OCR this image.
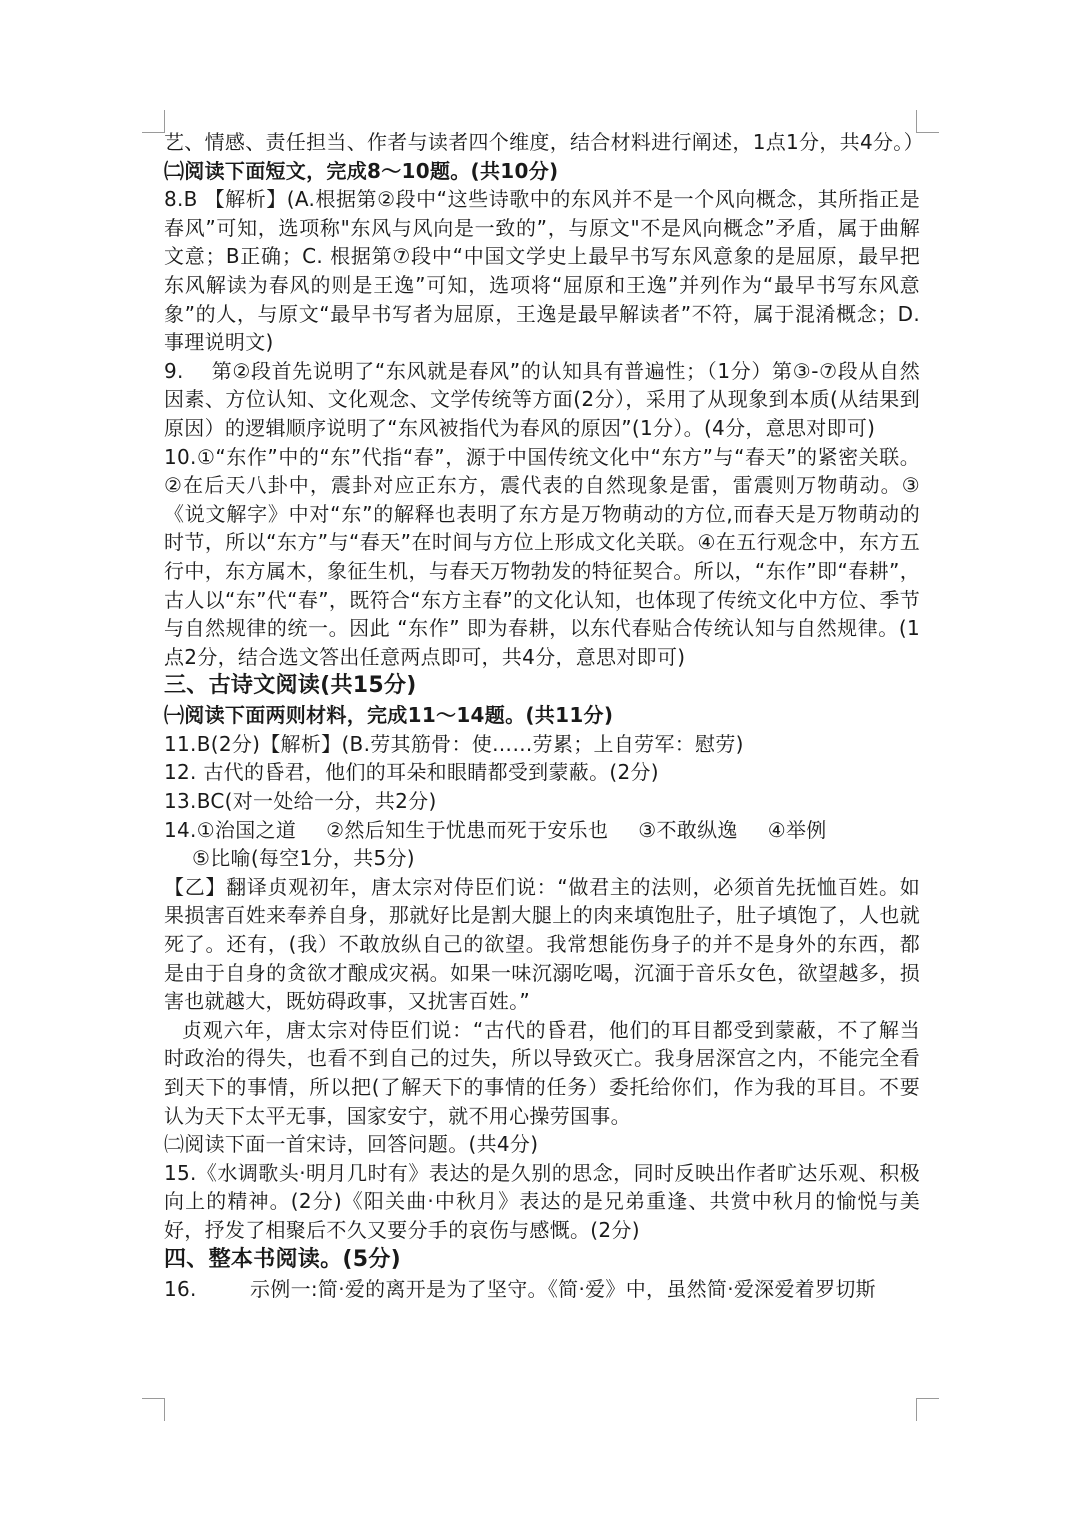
艺、情感、责任担当、作者与读者四个维度，结合材料进行阐述，1点1分，共4分。）

㈡阅读下面短文，完成8～10题。(共10分)

8.B 【解析】(A.根据第②段中“这些诗歌中的东风并不是一个风向概念，其所指正是春风”可知，选项称"东风与风向是一致的”，与原文"不是风向概念”矛盾，属于曲解文意；B正确；C. 根据第⑦段中“中国文学史上最早书写东风意象的是屈原，最早把东风解读为春风的则是王逸”可知，选项将“屈原和王逸”并列作为“最早书写东风意象”的人，与原文“最早书写者为屈原，王逸是最早解读者”不符，属于混淆概念；D.事理说明文)

9.    第②段首先说明了“东风就是春风”的认知具有普遍性；（1分）第③-⑦段从自然因素、方位认知、文化观念、文学传统等方面(2分），采用了从现象到本质(从结果到原因）的逻辑顺序说明了“东风被指代为春风的原因”(1分）。(4分，意思对即可)

10.①“东作”中的“东”代指“春”，源于中国传统文化中“东方”与“春天”的紧密关联。②在后天八卦中，震卦对应正东方，震代表的自然现象是雷，雷震则万物萌动。③《说文解字》中对“东”的解释也表明了东方是万物萌动的方位,而春天是万物萌动的时节，所以“东方”与“春天”在时间与方位上形成文化关联。④在五行观念中，东方五行中，东方属木，象征生机，与春天万物勃发的特征契合。所以，“东作”即“春耕”，古人以“东”代“春”，既符合“东方主春”的文化认知，也体现了传统文化中方位、季节与自然规律的统一。因此 “东作” 即为春耕，以东代春贴合传统认知与自然规律。(1点2分，结合选文答出任意两点即可，共4分，意思对即可)

三、古诗文阅读(共15分)

㈠阅读下面两则材料，完成11～14题。(共11分)

11.B(2分)【解析】(B.劳其筋骨：使……劳累；上自劳军：慰劳)

12. 古代的昏君，他们的耳朵和眼睛都受到蒙蔽。(2分)

13.BC(对一处给一分，共2分)

14.①治国之道 ②然后知生于忧患而死于安乐也 ③不敢纵逸 ④举例

⑤比喻(每空1分，共5分)

【乙】翻译贞观初年，唐太宗对侍臣们说：“做君主的法则，必须首先抚恤百姓。如果损害百姓来奉养自身，那就好比是割大腿上的肉来填饱肚子，肚子填饱了，人也就死了。还有，(我）不敢放纵自己的欲望。我常想能伤身子的并不是身外的东西，都是由于自身的贪欲才酿成灾祸。如果一味沉溺吃喝，沉湎于音乐女色，欲望越多，损害也就越大，既妨碍政事，又扰害百姓。”

贞观六年，唐太宗对侍臣们说：“古代的昏君，他们的耳目都受到蒙蔽，不了解当时政治的得失，也看不到自己的过失，所以导致灭亡。我身居深宫之内，不能完全看到天下的事情，所以把(了解天下的事情的任务）委托给你们，作为我的耳目。不要认为天下太平无事，国家安宁，就不用心操劳国事。

㈡阅读下面一首宋诗，回答问题。(共4分)

15.《水调歌头·明月几时有》表达的是久别的思念，同时反映出作者旷达乐观、积极向上的精神。(2分)《阳关曲·中秋月》表达的是兄弟重逢、共赏中秋月的愉悦与美好，抒发了相聚后不久又要分手的哀伤与感慨。(2分)

四、整本书阅读。(5分)

16.        示例一:简·爱的离开是为了坚守。《简·爱》中，虽然简·爱深爱着罗切斯
